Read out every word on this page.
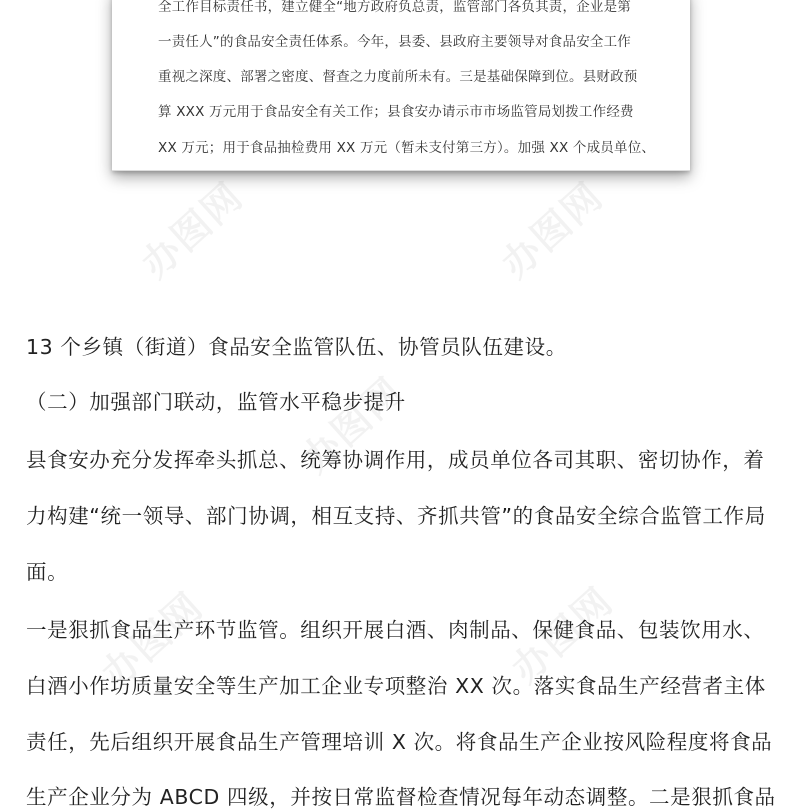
全工作目标责任书，建立健全“地方政府负总责，监管部门各负其责，企业是第
一责任人”的食品安全责任体系。今年，县委、县政府主要领导对食品安全工作
重视之深度、部署之密度、督查之力度前所未有。三是基础保障到位。县财政预
算 XXX 万元用于食品安全有关工作；县食安办请示市市场监管局划拨工作经费
XX 万元；用于食品抽检费用 XX 万元（暂未支付第三方）。加强 XX 个成员单位、
办图网	办图网
办图网
办图网	办图网
13 个乡镇（街道）食品安全监管队伍、协管员队伍建设。
（二）加强部门联动，监管水平稳步提升
县食安办充分发挥牵头抓总、统筹协调作用，成员单位各司其职、密切协作，着
力构建“统一领导、部门协调，相互支持、齐抓共管”的食品安全综合监管工作局
面。
一是狠抓食品生产环节监管。组织开展白酒、肉制品、保健食品、包装饮用水、
白酒小作坊质量安全等生产加工企业专项整治 XX 次。落实食品生产经营者主体
责任，先后组织开展食品生产管理培训 X 次。将食品生产企业按风险程度将食品
生产企业分为 ABCD 四级，并按日常监督检查情况每年动态调整。二是狠抓食品
